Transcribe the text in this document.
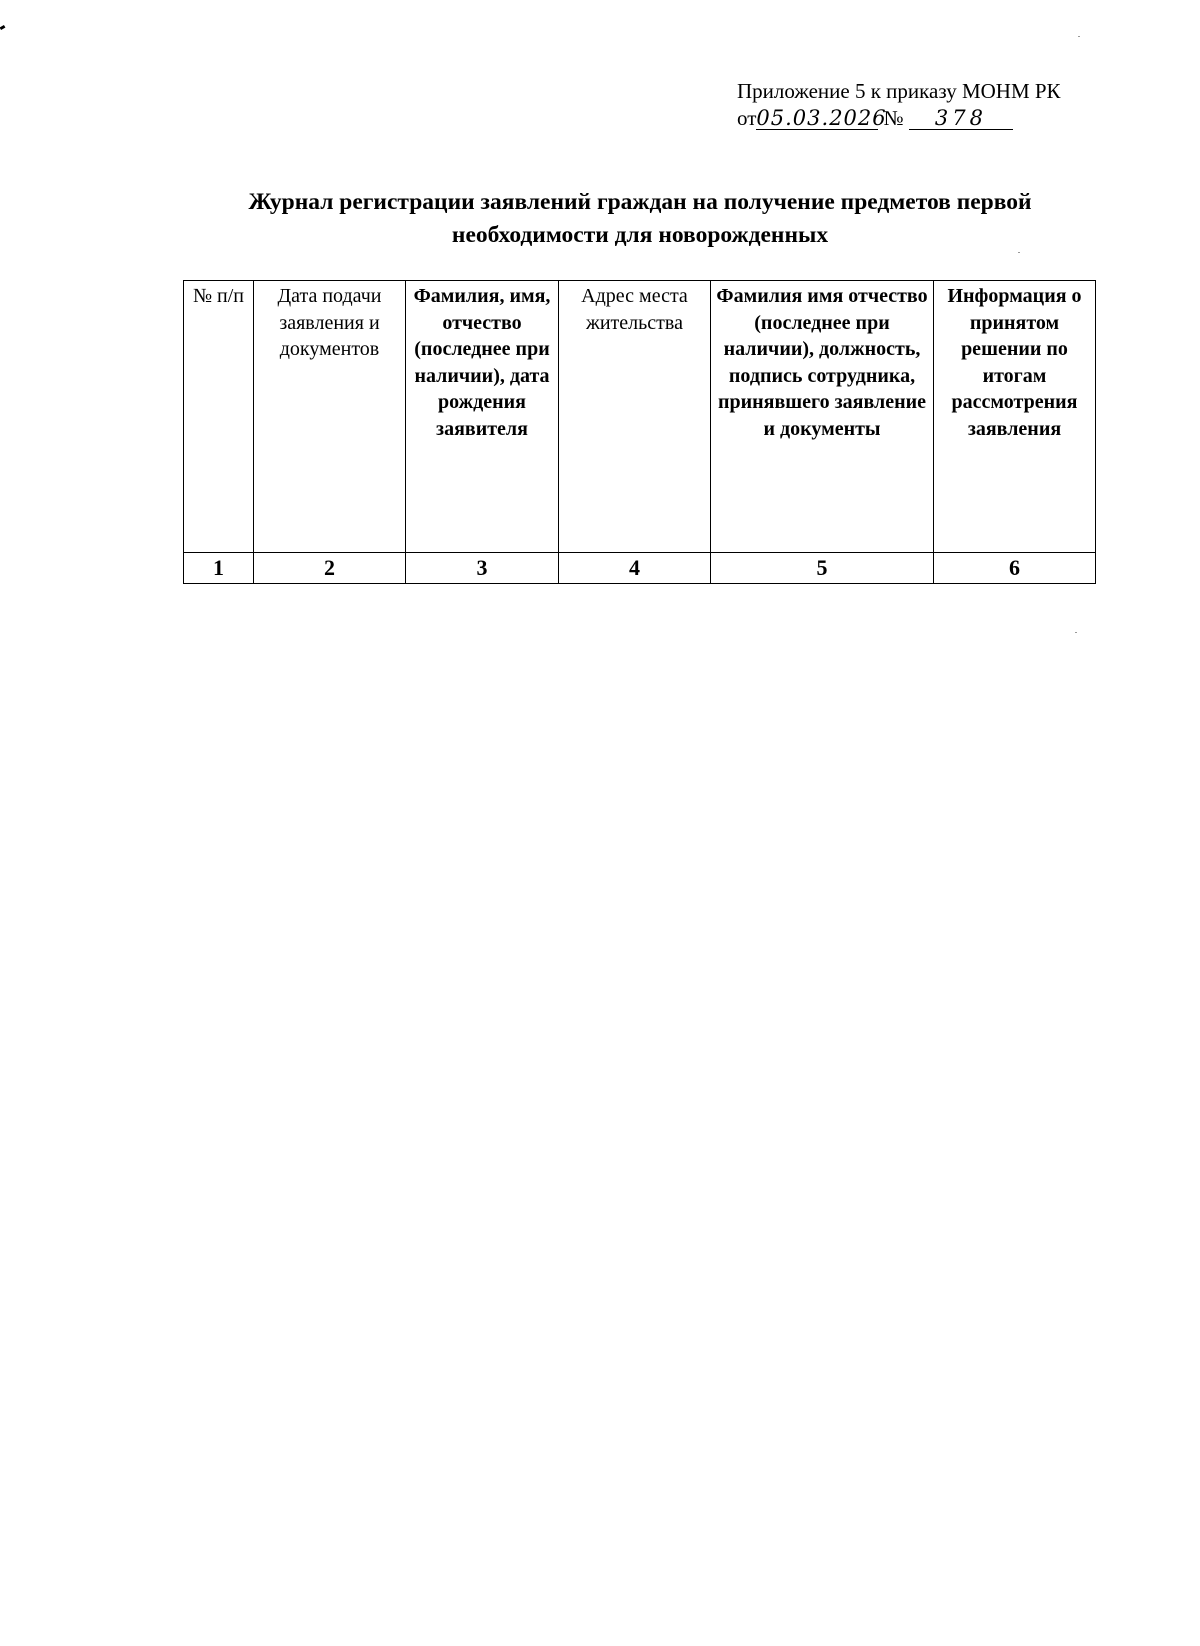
Приложение 5 к приказу МОНМ РК
от05.03.2026 № 378
Журнал регистрации заявлений граждан на получение предметов первой необходимости для новорожденных
№ п/п	Дата подачи заявления и документов	Фамилия, имя, отчество (последнее при наличии), дата рождения заявителя	Адрес места жительства	Фамилия имя отчество (последнее при наличии), должность, подпись сотрудника, принявшего заявление и документы	Информация о принятом решении по итогам рассмотрения заявления
1	2	3	4	5	6
